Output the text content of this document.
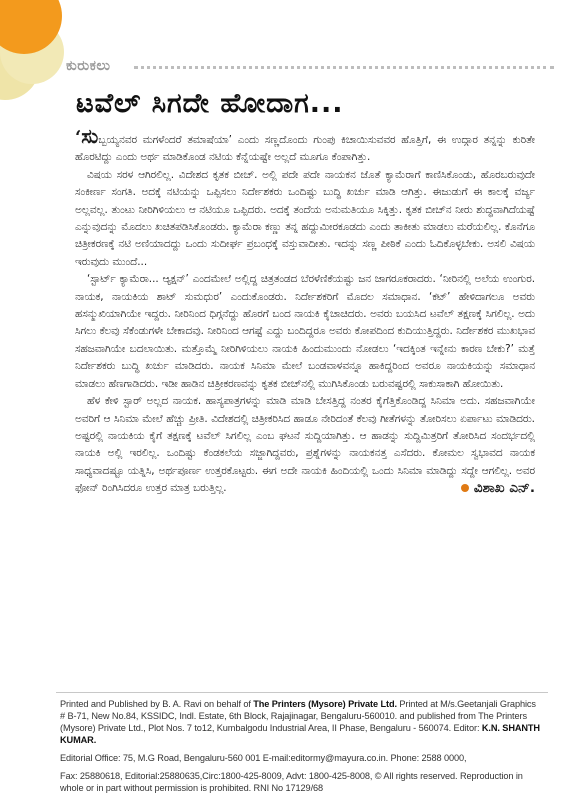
ಕುರುಕಲು
ಟವೆಲ್ ಸಿಗದೇ ಹೋದಾಗ...

‘ಸುಬ್ಬಯ್ಯನವರ ಮಗಳೆಂದರೆ ತಮಾಷೆಯಾ’ ಎಂದು ಸಣ್ಣದೊಂದು ಗುಂಪು ಕಿಚಾಯಿಸುವವರ ಹೊತ್ತಿಗೆ, ಈ ಉದ್ಗಾರ ತನ್ನನ್ನು ಕುರಿತೇ ಹೊರಟಿದ್ದು ಎಂದು ಅರ್ಥ ಮಾಡಿಕೊಂಡ ನಟಿಯ ಕೆನ್ನೆಯಷ್ಟೇ ಅಲ್ಲದೆ ಮೂಗೂ ಕೆಂಪಾಗಿತ್ತು.

ವಿಷಯ ಸರಳ ಆಗಿರಲಿಲ್ಲ. ವಿದೇಶದ ಕೃತಕ ಬೀಚ್. ಅಲ್ಲಿ ಪದೇ ಪದೇ ನಾಯಕನ ಜೊತೆ ಕ್ಯಾಮೆರಾಗೆ ಕಾಣಿಸಿಕೊಂಡು, ಹೊರಬರುವುದೇ ಸಂಕೀರ್ಣ ಸಂಗತಿ. ಅದಕ್ಕೆ ನಟಿಯನ್ನು ಒಪ್ಪಿಸಲು ನಿರ್ದೇಶಕರು ಒಂದಿಷ್ಟು ಬುದ್ಧಿ ಖರ್ಚು ಮಾಡಿ ಆಗಿತ್ತು. ಈಜುಡುಗೆ ಈ ಕಾಲಕ್ಕೆ ವರ್ಜ್ಯ ಅಲ್ಲವಲ್ಲ. ತುಂಟು ನೀರಿಗಿಳಿಯಲು ಆ ನಟಿಯೂ ಒಪ್ಪಿದರು. ಅದಕ್ಕೆ ತಂದೆಯ ಅನುಮತಿಯೂ ಸಿಕ್ಕಿತ್ತು. ಕೃತಕ ಬೀಚ್‌ನ ನೀರು ಶುದ್ಧವಾಗಿದೆಯಷ್ಟೆ ಎನ್ನುವುದನ್ನು ಮೊದಲು ಖಚಿತಪಡಿಸಿಕೊಂಡರು. ಕ್ಯಾಮೆರಾ ಕಣ್ಣು ತನ್ನ ಹದ್ದುಮೀರಕೂಡದು ಎಂದು ತಾಕೀತು ಮಾಡಲು ಮರೆಯಲಿಲ್ಲ. ಕೊನೆಗೂ ಚಿತ್ರೀಕರಣಕ್ಕೆ ನಟಿ ಅಣಿಯಾದದ್ದು ಒಂದು ಸುದೀರ್ಘ ಪ್ರಬಂಧಕ್ಕೆ ವಸ್ತುವಾದೀತು. ಇದನ್ನು ಸಣ್ಣ ಪೀಠಿಕೆ ಎಂದು ಓದಿಕೊಳ್ಳಬೇಕು. ಅಸಲಿ ವಿಷಯ ಇರುವುದು ಮುಂದೆ...

‘ಸ್ಟಾರ್ಟ್ ಕ್ಯಾಮೆರಾ... ಆ್ಯಕ್ಷನ್’ ಎಂದಮೇಲೆ ಅಲ್ಲಿದ್ದ ಚಿತ್ರತಂಡದ ಬೆರಳೆಣಿಕೆಯಷ್ಟು ಜನ ಜಾಗರೂಕರಾದರು. ‘ನೀರಿನಲ್ಲಿ ಅಲೆಯ ಉಂಗುರ. ನಾಯಕ, ನಾಯಕಿಯ ಶಾಟ್ ಸುಮಧುರ’ ಎಂದುಕೊಂಡರು. ನಿರ್ದೇಶಕರಿಗೆ ಮೊದಲ ಸಮಾಧಾನ. ‘ಕಟ್’ ಹೇಳಿದಾಗಲೂ ಅವರು ಹಸನ್ಮುಖಿಯಾಗಿಯೇ ಇದ್ದರು. ನೀರಿನಿಂದ ಧಿಗ್ಗನೆದ್ದು ಹೊರಗೆ ಬಂದ ನಾಯಕಿ ಕೈಚಾಚಿದರು. ಅವರು ಬಯಸಿದ ಟವೆಲ್ ತಕ್ಷಣಕ್ಕೆ ಸಿಗಲಿಲ್ಲ. ಅದು ಸಿಗಲು ಕೆಲವು ಸೆಕೆಂಡುಗಳೇ ಬೇಕಾದವು. ನೀರಿನಿಂದ ಆಗಷ್ಟೆ ಎದ್ದು ಬಂದಿದ್ದರೂ ಅವರು ಕೋಪದಿಂದ ಕುದಿಯುತ್ತಿದ್ದರು. ನಿರ್ದೇಶಕರ ಮುಖಭಾವ ಸಹಜವಾಗಿಯೇ ಬದಲಾಯಿತು. ಮತ್ತೊಮ್ಮೆ ನೀರಿಗಿಳಿಯಲು ನಾಯಕಿ ಹಿಂದುಮುಂದು ನೋಡಲು ‘ಇದಕ್ಕಿಂತ ಇನ್ನೇನು ಕಾರಣ ಬೇಕು?’ ಮತ್ತೆ ನಿರ್ದೇಶಕರು ಬುದ್ಧಿ ಖರ್ಚು ಮಾಡಿದರು. ನಾಯಕ ಸಿನಿಮಾ ಮೇಲೆ ಬಂಡವಾಳವನ್ನೂ ಹಾಕಿದ್ದರಿಂದ ಅವರೂ ನಾಯಕಿಯನ್ನು ಸಮಾಧಾನ ಮಾಡಲು ಹೆಣಗಾಡಿದರು. ಇಡೀ ಹಾಡಿನ ಚಿತ್ರೀಕರಣವನ್ನು ಕೃತಕ ಬೀಚ್‌ನಲ್ಲಿ ಮುಗಿಸಿಕೊಂಡು ಬರುವಷ್ಟರಲ್ಲಿ ಸಾಕುಸಾಕಾಗಿ ಹೋಯಿತು.

ಹೆಳ ಕೇಳಿ ಸ್ಟಾರ್ ಅಲ್ಲದ ನಾಯಕ. ಹಾಸ್ಯಪಾತ್ರಗಳನ್ನು ಮಾಡಿ ಮಾಡಿ ಬೇಸತ್ತಿದ್ದ ನಂತರ ಕೈಗೆತ್ತಿಕೊಂಡಿದ್ದ ಸಿನಿಮಾ ಅದು. ಸಹಜವಾಗಿಯೇ ಅವರಿಗೆ ಆ ಸಿನಿಮಾ ಮೇಲೆ ಹೆಚ್ಚು ಪ್ರೀತಿ. ವಿದೇಶದಲ್ಲಿ ಚಿತ್ರೀಕರಿಸಿದ ಹಾಡೂ ನೇರಿದಂತೆ ಕೆಲವು ಗೀತೆಗಳನ್ನು ತೋರಿಸಲು ಏರ್ಪಾಟು ಮಾಡಿದರು. ಅಷ್ಟರಲ್ಲಿ ನಾಯಕಿಯ ಕೈಗೆ ತಕ್ಷಣಕ್ಕೆ ಟವೆಲ್ ಸಿಗಲಿಲ್ಲ ಎಂಬ ಘಟನೆ ಸುದ್ದಿಯಾಗಿತ್ತು. ಆ ಹಾಡನ್ನು ಸುದ್ದಿಮಿತ್ರರಿಗೆ ತೋರಿಸಿದ ಸಂದರ್ಭದಲ್ಲಿ ನಾಯಕಿ ಅಲ್ಲಿ ಇರಲಿಲ್ಲ. ಒಂದಿಷ್ಟು ಕೆಂಡಕಲೆಯ ಸಜ್ಜಾಗಿದ್ದವರು, ಪ್ರಶ್ನೆಗಳನ್ನು ನಾಯಕನತ್ತ ಎಸೆದರು. ಕೋಮಲ ಸ್ವಭಾವದ ನಾಯಕ ಸಾಧ್ಯವಾದಷ್ಟೂ ಯತ್ನಿಸಿ, ಅರ್ಥಪೂರ್ಣ ಉತ್ತರಕೊಟ್ಟರು. ಈಗ ಅದೇ ನಾಯಕಿ ಹಿಂದಿಯಲ್ಲಿ ಒಂದು ಸಿನಿಮಾ ಮಾಡಿದ್ದು ಸದ್ದೇ ಆಗಲಿಲ್ಲ. ಅವರ ಫೋನ್ ರಿಂಗಿಸಿದರೂ ಉತ್ತರ ಮಾತ್ರ ಬರುತ್ತಿಲ್ಲ.	ವಿಶಾಖ ಎನ್.

Printed and Published by B. A. Ravi on behalf of The Printers (Mysore) Private Ltd. Printed at M/s.Geetanjali Graphics # B-71, New No.84, KSSIDC, Indl. Estate, 6th Block, Rajajinagar, Bengaluru-560010. and published from The Printers (Mysore) Private Ltd., Plot Nos. 7 to12, Kumbalgodu Industrial Area, II Phase, Bengaluru - 560074. Editor: K.N. SHANTH KUMAR.

Editorial Office: 75, M.G Road, Bengaluru-560 001 E-mail:editormy@mayura.co.in. Phone: 2588 0000,

Fax: 25880618, Editorial:25880635,Circ:1800-425-8009, Advt: 1800-425-8008, © All rights reserved. Reproduction in whole or in part without permission is prohibited. RNI No 17129/68
